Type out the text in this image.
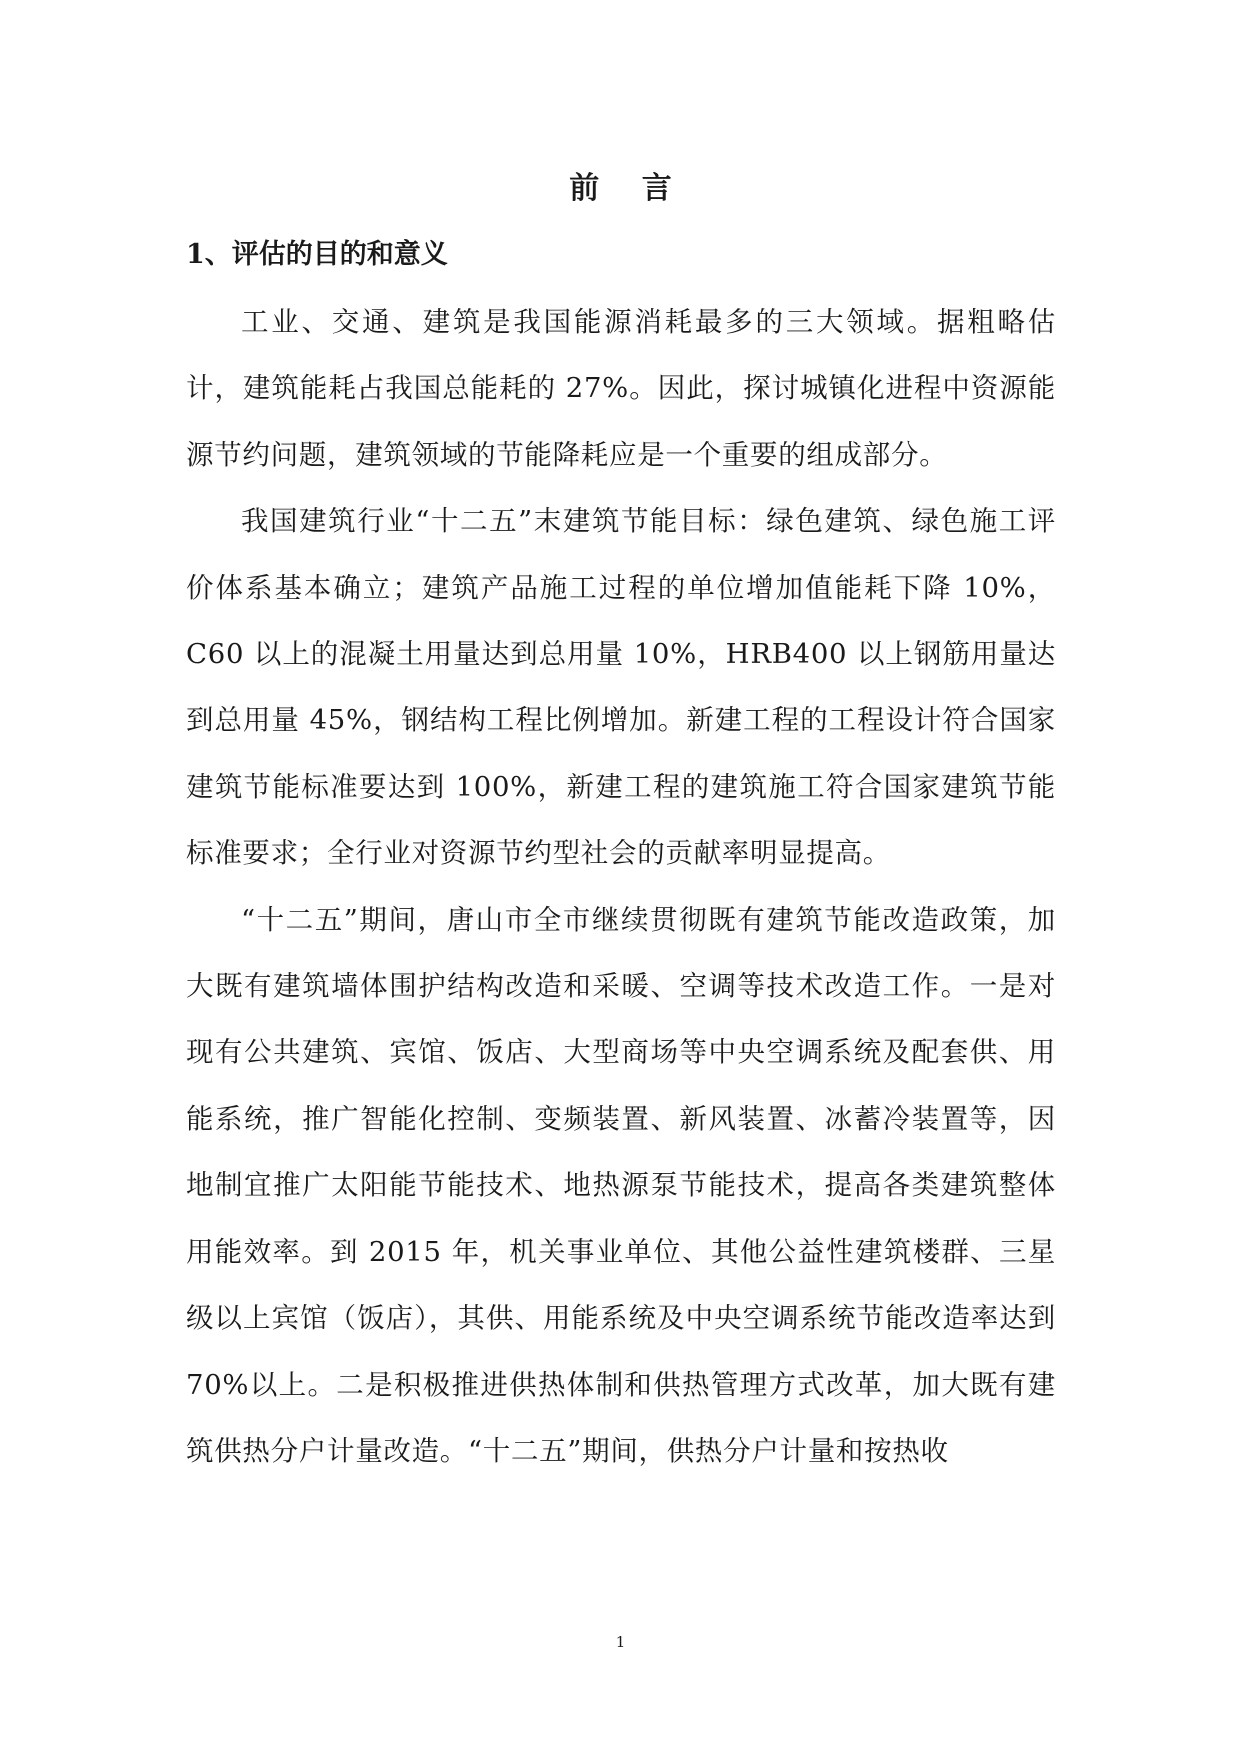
前 言
1、评估的目的和意义

工业、交通、建筑是我国能源消耗最多的三大领域。据粗略估计，建筑能耗占我国总能耗的 27%。因此，探讨城镇化进程中资源能源节约问题，建筑领域的节能降耗应是一个重要的组成部分。

我国建筑行业“十二五”末建筑节能目标：绿色建筑、绿色施工评价体系基本确立；建筑产品施工过程的单位增加值能耗下降 10%，C60 以上的混凝土用量达到总用量 10%，HRB400 以上钢筋用量达到总用量 45%，钢结构工程比例增加。新建工程的工程设计符合国家建筑节能标准要达到 100%，新建工程的建筑施工符合国家建筑节能标准要求；全行业对资源节约型社会的贡献率明显提高。

“十二五”期间，唐山市全市继续贯彻既有建筑节能改造政策，加大既有建筑墙体围护结构改造和采暖、空调等技术改造工作。一是对现有公共建筑、宾馆、饭店、大型商场等中央空调系统及配套供、用能系统，推广智能化控制、变频装置、新风装置、冰蓄冷装置等，因地制宜推广太阳能节能技术、地热源泵节能技术，提高各类建筑整体用能效率。到 2015 年，机关事业单位、其他公益性建筑楼群、三星级以上宾馆（饭店），其供、用能系统及中央空调系统节能改造率达到 70%以上。二是积极推进供热体制和供热管理方式改革，加大既有建筑供热分户计量改造。“十二五”期间，供热分户计量和按热收

1
